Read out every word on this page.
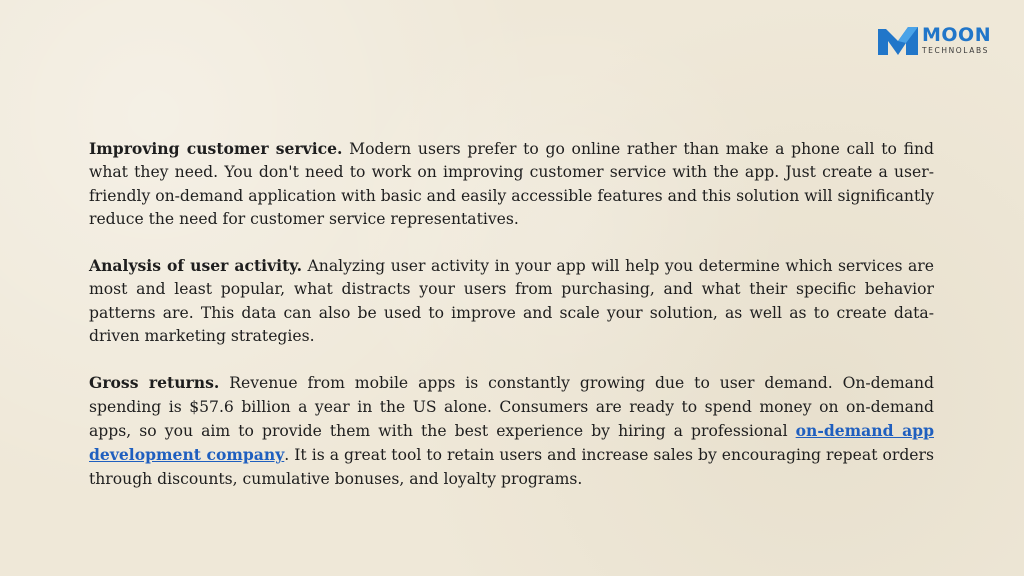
MOON
TECHNOLABS

Improving customer service. Modern users prefer to go online rather than make a phone call to find what they need. You don't need to work on improving customer service with the app. Just create a user-friendly on-demand application with basic and easily accessible features and this solution will significantly reduce the need for customer service representatives.

Analysis of user activity. Analyzing user activity in your app will help you determine which services are most and least popular, what distracts your users from purchasing, and what their specific behavior patterns are. This data can also be used to improve and scale your solution, as well as to create data-driven marketing strategies.

Gross returns. Revenue from mobile apps is constantly growing due to user demand. On-demand spending is $57.6 billion a year in the US alone. Consumers are ready to spend money on on-demand apps, so you aim to provide them with the best experience by hiring a professional on-demand app development company. It is a great tool to retain users and increase sales by encouraging repeat orders through discounts, cumulative bonuses, and loyalty programs.
